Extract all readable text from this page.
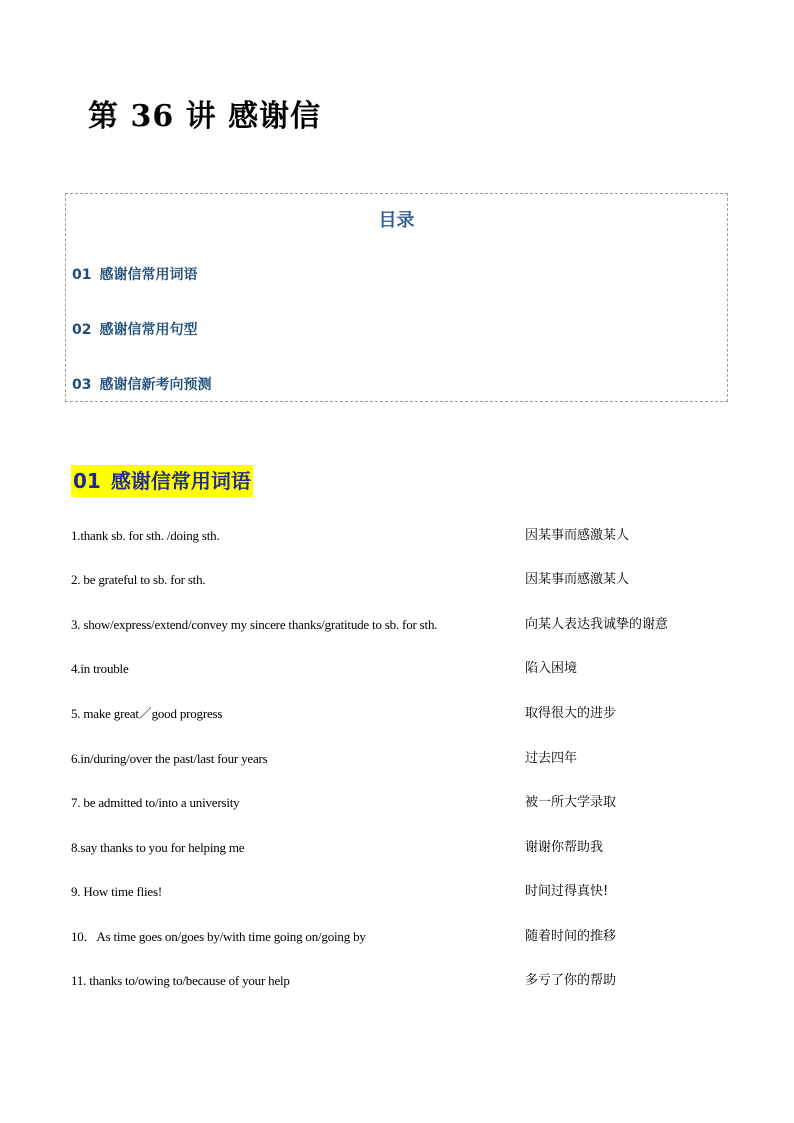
第 36 讲 感谢信
目录
01 感谢信常用词语
02 感谢信常用句型
03 感谢信新考向预测
01 感谢信常用词语
1.thank sb. for sth. /doing sth.	因某事而感激某人
2. be grateful to sb. for sth.	因某事而感激某人
3. show/express/extend/convey my sincere thanks/gratitude to sb. for sth.	向某人表达我诚挚的谢意
4.in trouble	陷入困境
5. make great／good progress	取得很大的进步
6.in/during/over the past/last four years	过去四年
7. be admitted to/into a university	被一所大学录取
8.say thanks to you for helping me	谢谢你帮助我
9. How time flies!	时间过得真快!
10．As time goes on/goes by/with time going on/going by	随着时间的推移
11. thanks to/owing to/because of your help	多亏了你的帮助
